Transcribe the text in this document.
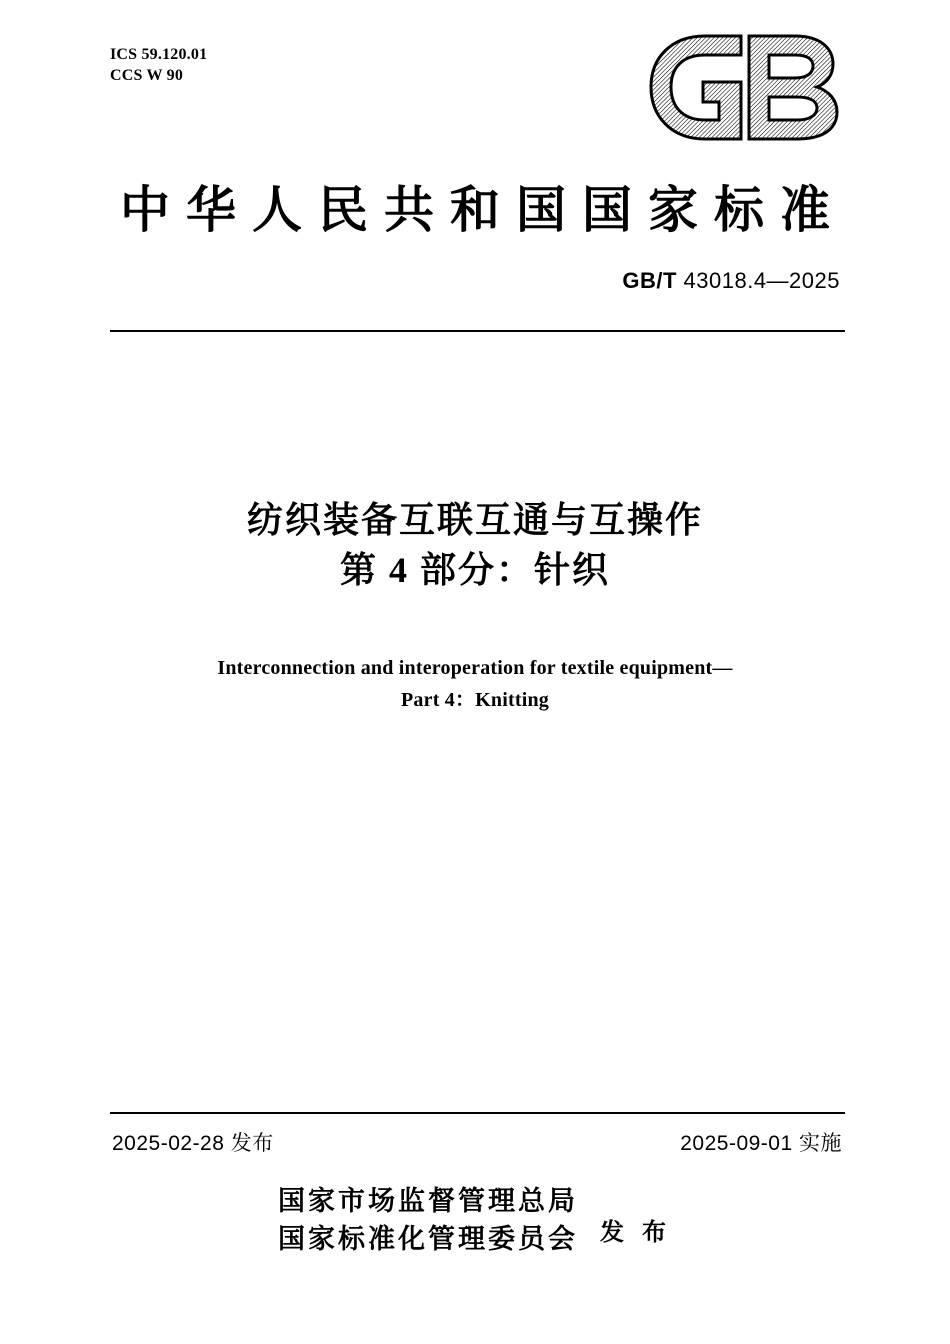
ICS 59.120.01
CCS W 90
中华人民共和国国家标准
GB/T 43018.4—2025
纺织装备互联互通与互操作
第 4 部分：针织
Interconnection and interoperation for textile equipment—
Part 4：Knitting
2025-02-28 发布	2025-09-01 实施
国家市场监督管理总局
国家标准化管理委员会 发 布
